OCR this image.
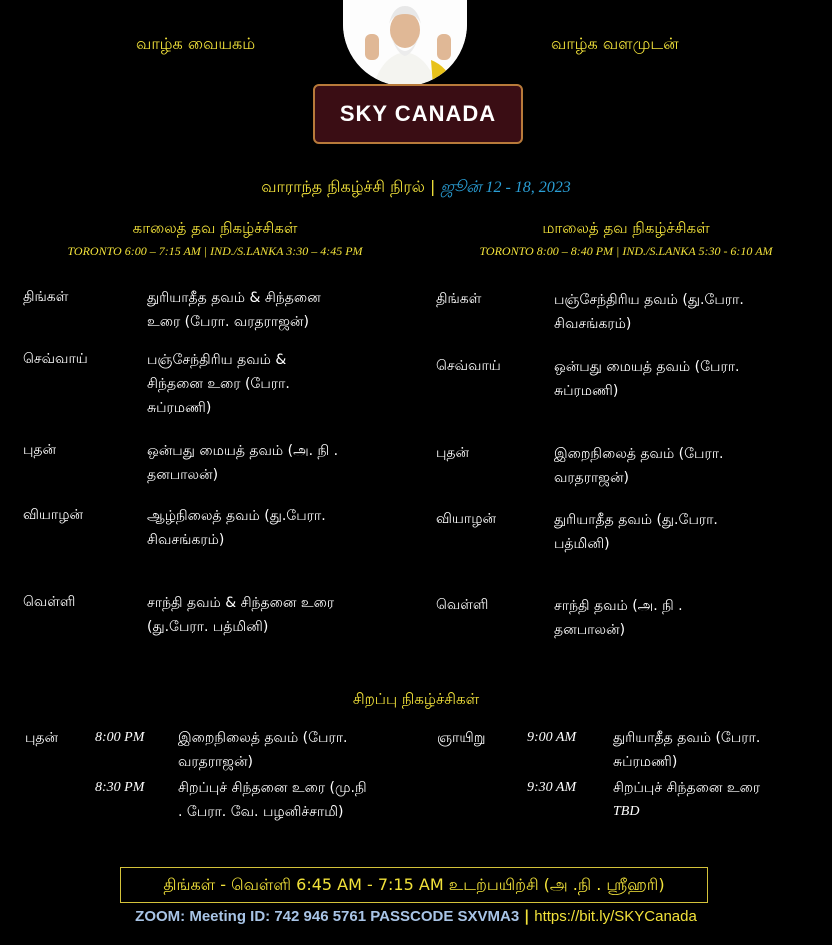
வாழ்க வையகம்	வாழ்க வளமுடன்
SKY CANADA
வாராந்த நிகழ்ச்சி நிரல் | ஜூன் 12 - 18, 2023
காலைத் தவ நிகழ்ச்சிகள்
TORONTO 6:00 – 7:15 AM | IND./S.LANKA 3:30 – 4:45 PM
மாலைத் தவ நிகழ்ச்சிகள்
TORONTO 8:00 – 8:40 PM | IND./S.LANKA 5:30 - 6:10 AM
திங்கள்	துரியாதீத தவம் & சிந்தனை
உரை (பேரா. வரதராஜன்)
செவ்வாய்	பஞ்சேந்திரிய தவம் &
சிந்தனை உரை (பேரா.
சுப்ரமணி)
புதன்	ஒன்பது மையத் தவம் (அ. நி .
தனபாலன்)
வியாழன்	ஆழ்நிலைத் தவம் (து.பேரா.
சிவசங்கரம்)
வெள்ளி	சாந்தி தவம் & சிந்தனை உரை
(து.பேரா. பத்மினி)
திங்கள்	பஞ்சேந்திரிய தவம் (து.பேரா.
சிவசங்கரம்)
செவ்வாய்	ஒன்பது மையத் தவம் (பேரா.
சுப்ரமணி)
புதன்	இறைநிலைத் தவம் (பேரா.
வரதராஜன்)
வியாழன்	துரியாதீத தவம் (து.பேரா.
பத்மினி)
வெள்ளி	சாந்தி தவம் (அ. நி .
தனபாலன்)
சிறப்பு நிகழ்ச்சிகள்
புதன்	8:00 PM இறைநிலைத் தவம் (பேரா.
வரதராஜன்)
8:30 PM சிறப்புச் சிந்தனை உரை (மு.நி
. பேரா. வே. பழனிச்சாமி)
ஞாயிறு	9:00 AM	துரியாதீத தவம் (பேரா.
சுப்ரமணி)
9:30 AM	சிறப்புச் சிந்தனை உரை
TBD
திங்கள் - வெள்ளி 6:45 AM - 7:15 AM உடற்பயிற்சி (அ .நி . ஸ்ரீஹரி)
ZOOM: Meeting ID: 742 946 5761 PASSCODE SXVMA3 | https://bit.ly/SKYCanada
